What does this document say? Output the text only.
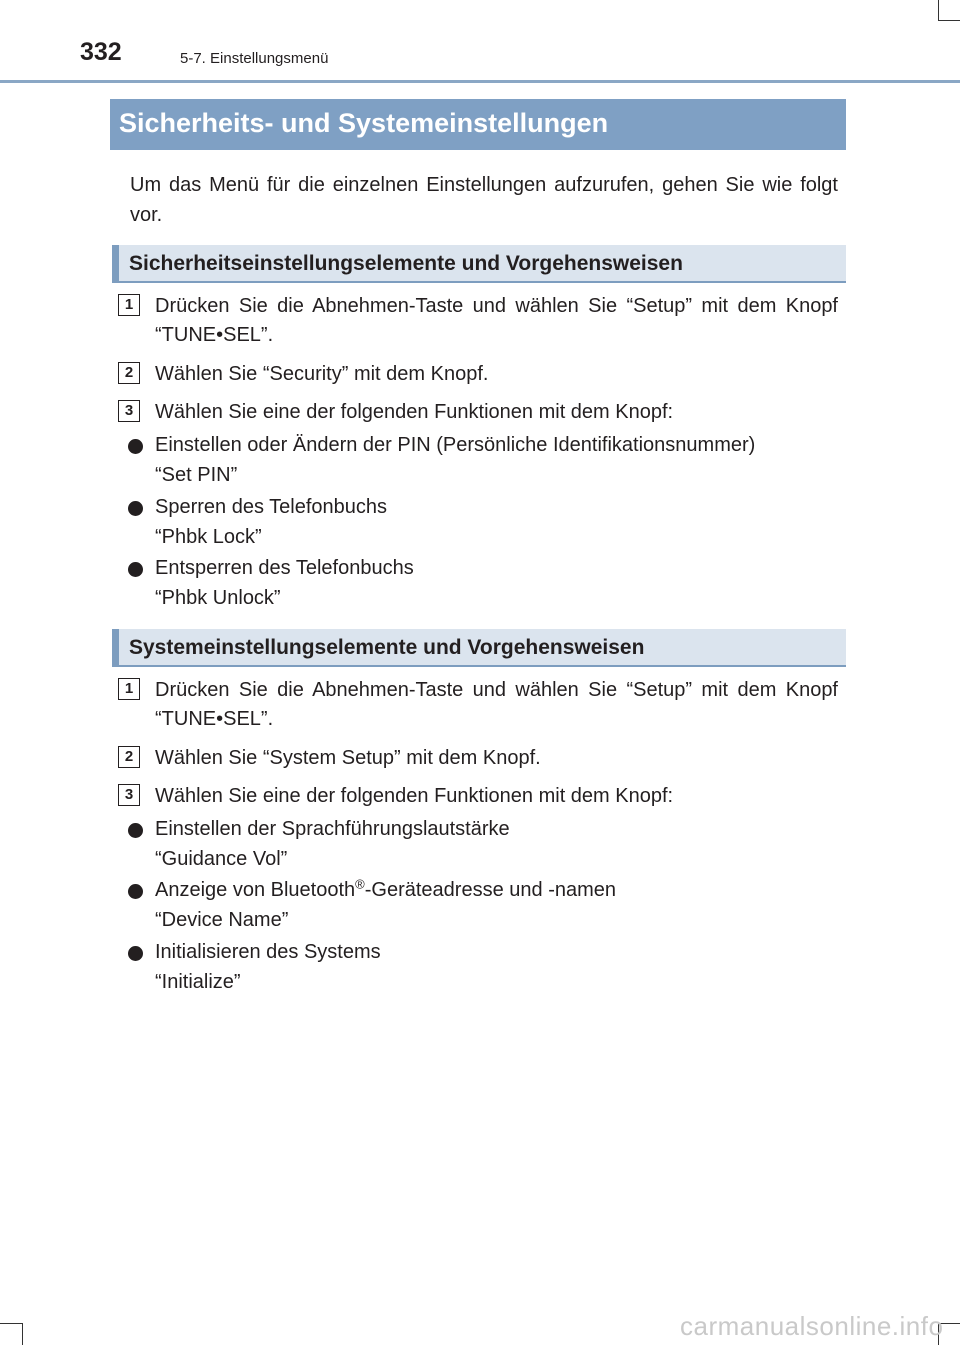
332	5-7. Einstellungsmenü
Sicherheits- und Systemeinstellungen
Um das Menü für die einzelnen Einstellungen aufzurufen, gehen Sie wie folgt vor.
Sicherheitseinstellungselemente und Vorgehensweisen
1	Drücken Sie die Abnehmen-Taste und wählen Sie “Setup” mit dem Knopf “TUNE•SEL”.
2	Wählen Sie “Security” mit dem Knopf.
3	Wählen Sie eine der folgenden Funktionen mit dem Knopf:
Einstellen oder Ändern der PIN (Persönliche Identifikationsnummer)
“Set PIN”
Sperren des Telefonbuchs
“Phbk Lock”
Entsperren des Telefonbuchs
“Phbk Unlock”
Systemeinstellungselemente und Vorgehensweisen
1	Drücken Sie die Abnehmen-Taste und wählen Sie “Setup” mit dem Knopf “TUNE•SEL”.
2	Wählen Sie “System Setup” mit dem Knopf.
3	Wählen Sie eine der folgenden Funktionen mit dem Knopf:
Einstellen der Sprachführungslautstärke
“Guidance Vol”
Anzeige von Bluetooth®-Geräteadresse und -namen
“Device Name”
Initialisieren des Systems
“Initialize”
carmanualsonline.info
